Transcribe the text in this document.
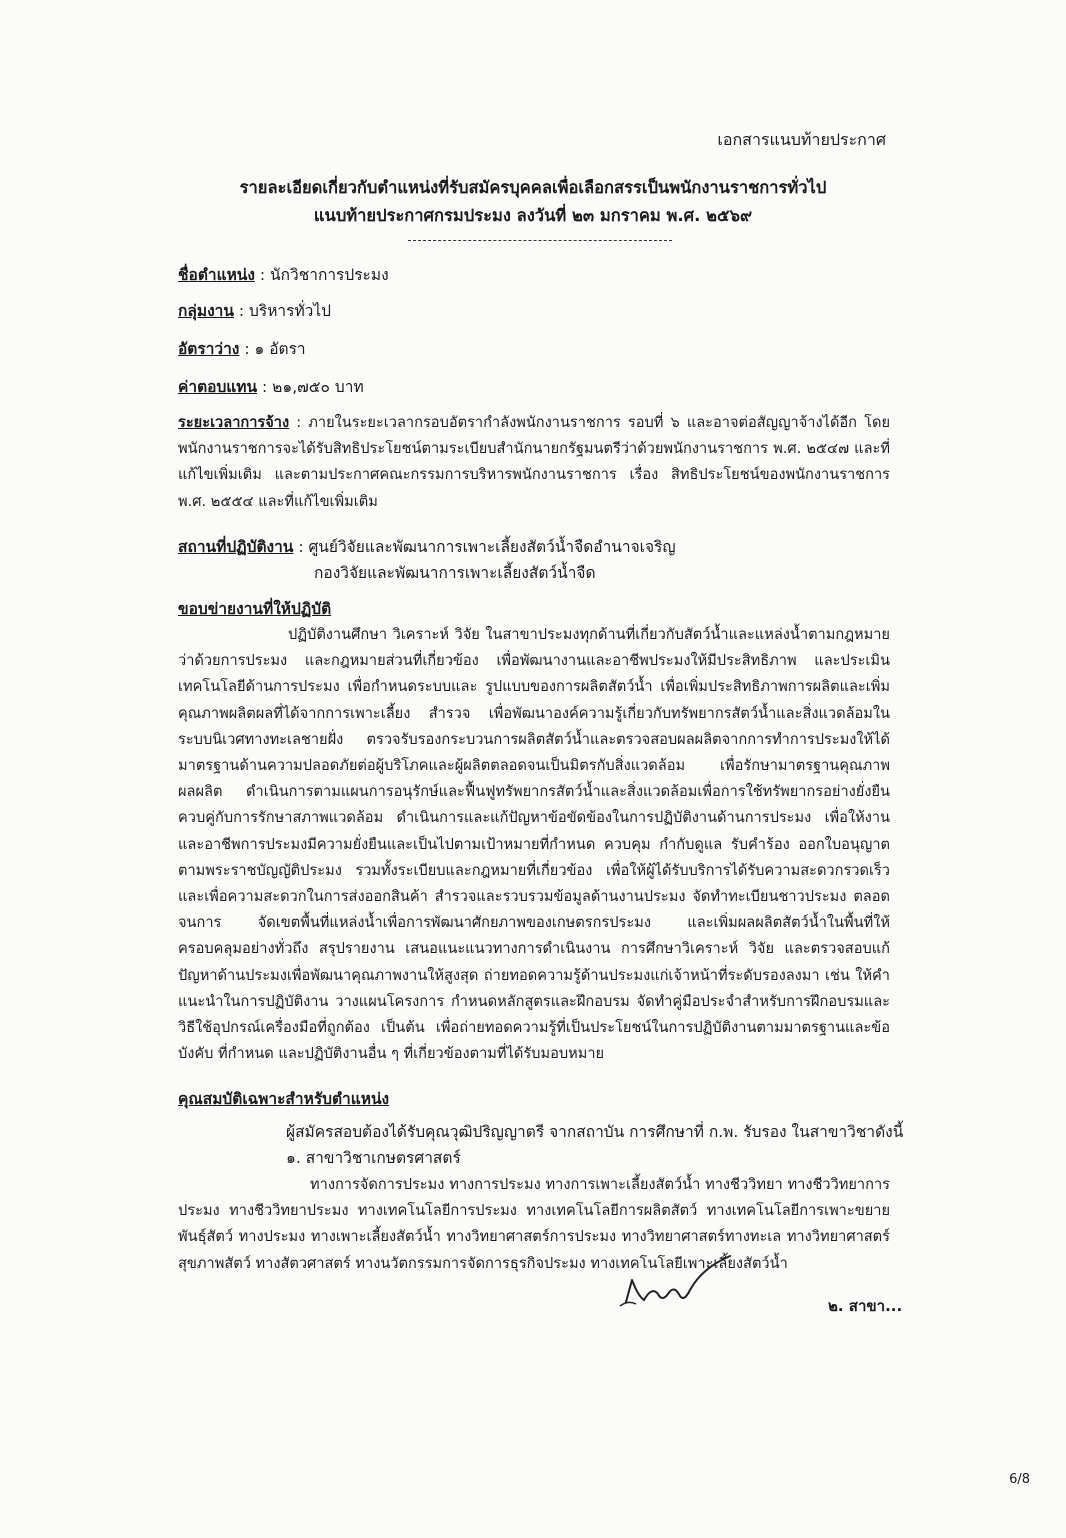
เอกสารแนบท้ายประกาศ
รายละเอียดเกี่ยวกับตำแหน่งที่รับสมัครบุคคลเพื่อเลือกสรรเป็นพนักงานราชการทั่วไป
แนบท้ายประกาศกรมประมง ลงวันที่ ๒๓ มกราคม พ.ศ. ๒๕๖๙
ชื่อตำแหน่ง : นักวิชาการประมง
กลุ่มงาน : บริหารทั่วไป
อัตราว่าง : ๑ อัตรา
ค่าตอบแทน : ๒๑,๗๕๐ บาท
ระยะเวลาการจ้าง : ภายในระยะเวลากรอบอัตรากำลังพนักงานราชการ รอบที่ ๖ และอาจต่อสัญญาจ้างได้อีก โดยพนักงานราชการจะได้รับสิทธิประโยชน์ตามระเบียบสำนักนายกรัฐมนตรีว่าด้วยพนักงานราชการ พ.ศ. ๒๕๔๗ และที่แก้ไขเพิ่มเติม และตามประกาศคณะกรรมการบริหารพนักงานราชการ เรื่อง สิทธิประโยชน์ของพนักงานราชการ พ.ศ. ๒๕๕๔ และที่แก้ไขเพิ่มเติม
สถานที่ปฏิบัติงาน : ศูนย์วิจัยและพัฒนาการเพาะเลี้ยงสัตว์น้ำจืดอำนาจเจริญ
กองวิจัยและพัฒนาการเพาะเลี้ยงสัตว์น้ำจืด
ขอบข่ายงานที่ให้ปฏิบัติ
ปฏิบัติงานศึกษา วิเคราะห์ วิจัย ในสาขาประมงทุกด้านที่เกี่ยวกับสัตว์น้ำและแหล่งน้ำตามกฎหมายว่าด้วยการประมง และกฎหมายส่วนที่เกี่ยวข้อง เพื่อพัฒนางานและอาชีพประมงให้มีประสิทธิภาพ และประเมินเทคโนโลยีด้านการประมง เพื่อกำหนดระบบและ รูปแบบของการผลิตสัตว์น้ำ เพื่อเพิ่มประสิทธิภาพการผลิตและเพิ่มคุณภาพผลิตผลที่ได้จากการเพาะเลี้ยง สำรวจ เพื่อพัฒนาองค์ความรู้เกี่ยวกับทรัพยากรสัตว์น้ำและสิ่งแวดล้อมในระบบนิเวศทางทะเลชายฝั่ง ตรวจรับรองกระบวนการผลิตสัตว์น้ำและตรวจสอบผลผลิตจากการทำการประมงให้ได้มาตรฐานด้านความปลอดภัยต่อผู้บริโภคและผู้ผลิตตลอดจนเป็นมิตรกับสิ่งแวดล้อม เพื่อรักษามาตรฐานคุณภาพผลผลิต ดำเนินการตามแผนการอนุรักษ์และฟื้นฟูทรัพยากรสัตว์น้ำและสิ่งแวดล้อมเพื่อการใช้ทรัพยากรอย่างยั่งยืนควบคู่กับการรักษาสภาพแวดล้อม ดำเนินการและแก้ปัญหาข้อขัดข้องในการปฏิบัติงานด้านการประมง เพื่อให้งานและอาชีพการประมงมีความยั่งยืนและเป็นไปตามเป้าหมายที่กำหนด ควบคุม กำกับดูแล รับคำร้อง ออกใบอนุญาตตามพระราชบัญญัติประมง รวมทั้งระเบียบและกฎหมายที่เกี่ยวข้อง เพื่อให้ผู้ได้รับบริการได้รับความสะดวกรวดเร็ว และเพื่อความสะดวกในการส่งออกสินค้า สำรวจและรวบรวมข้อมูลด้านงานประมง จัดทำทะเบียนชาวประมง ตลอดจนการ จัดเขตพื้นที่แหล่งน้ำเพื่อการพัฒนาศักยภาพของเกษตรกรประมง และเพิ่มผลผลิตสัตว์น้ำในพื้นที่ให้ครอบคลุมอย่างทั่วถึง สรุปรายงาน เสนอแนะแนวทางการดำเนินงาน การศึกษาวิเคราะห์ วิจัย และตรวจสอบแก้ปัญหาด้านประมงเพื่อพัฒนาคุณภาพงานให้สูงสุด ถ่ายทอดความรู้ด้านประมงแก่เจ้าหน้าที่ระดับรองลงมา เช่น ให้คำแนะนำในการปฏิบัติงาน วางแผนโครงการ กำหนดหลักสูตรและฝึกอบรม จัดทำคู่มือประจำสำหรับการฝึกอบรมและวิธีใช้อุปกรณ์เครื่องมือที่ถูกต้อง เป็นต้น เพื่อถ่ายทอดความรู้ที่เป็นประโยชน์ในการปฏิบัติงานตามมาตรฐานและข้อบังคับ ที่กำหนด และปฏิบัติงานอื่น ๆ ที่เกี่ยวข้องตามที่ได้รับมอบหมาย
คุณสมบัติเฉพาะสำหรับตำแหน่ง
ผู้สมัครสอบต้องได้รับคุณวุฒิปริญญาตรี จากสถาบัน การศึกษาที่ ก.พ. รับรอง ในสาขาวิชาดังนี้
๑. สาขาวิชาเกษตรศาสตร์
ทางการจัดการประมง ทางการประมง ทางการเพาะเลี้ยงสัตว์น้ำ ทางชีววิทยา ทางชีววิทยาการประมง ทางชีววิทยาประมง ทางเทคโนโลยีการประมง ทางเทคโนโลยีการผลิตสัตว์ ทางเทคโนโลยีการเพาะขยายพันธุ์สัตว์ ทางประมง ทางเพาะเลี้ยงสัตว์น้ำ ทางวิทยาศาสตร์การประมง ทางวิทยาศาสตร์ทางทะเล ทางวิทยาศาสตร์สุขภาพสัตว์ ทางสัตวศาสตร์ ทางนวัตกรรมการจัดการธุรกิจประมง ทางเทคโนโลยีเพาะเลี้ยงสัตว์น้ำ
๒. สาขา...
6/8
